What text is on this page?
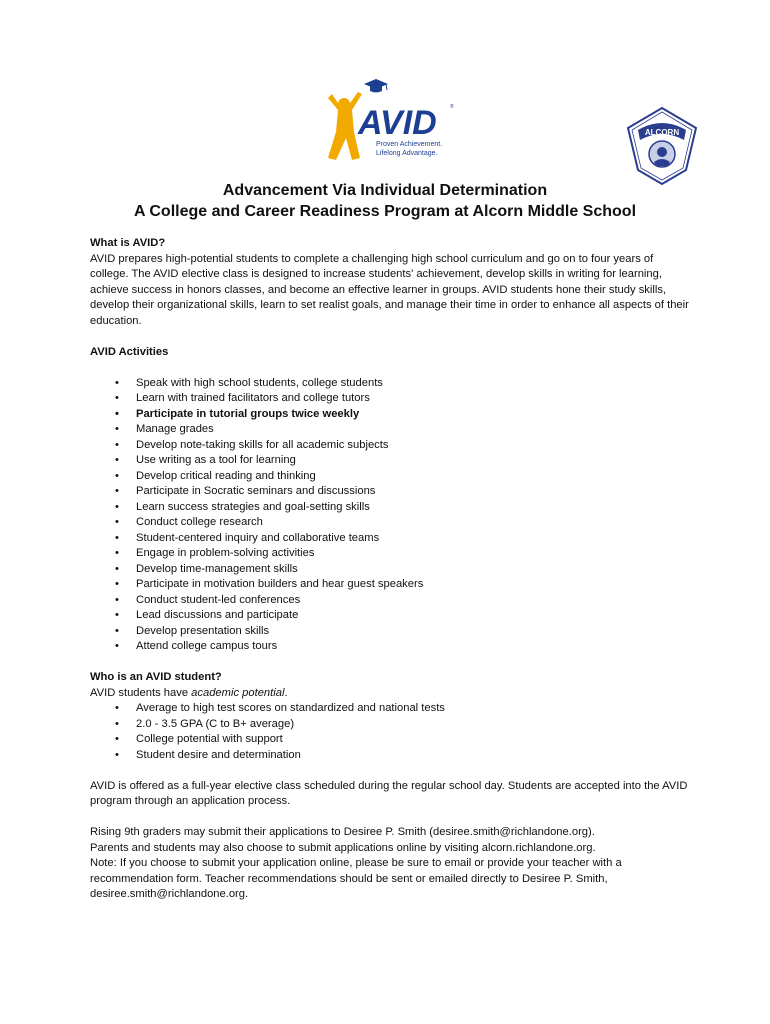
AVID	®
Proven Achievement.
Lifelong Advantage.
ALCORN
Advancement Via Individual Determination
A College and Career Readiness Program at Alcorn Middle School

What is AVID?

AVID prepares high-potential students to complete a challenging high school curriculum and go on to four years of college. The AVID elective class is designed to increase students' achievement, develop skills in writing for learning, achieve success in honors classes, and become an effective learner in groups. AVID students hone their study skills, develop their organizational skills, learn to set realist goals, and manage their time in order to enhance all aspects of their education.

AVID Activities

• Speak with high school students, college students
• Learn with trained facilitators and college tutors
• Participate in tutorial groups twice weekly
• Manage grades
• Develop note-taking skills for all academic subjects
• Use writing as a tool for learning
• Develop critical reading and thinking
• Participate in Socratic seminars and discussions
• Learn success strategies and goal-setting skills
• Conduct college research
• Student-centered inquiry and collaborative teams
• Engage in problem-solving activities
• Develop time-management skills
• Participate in motivation builders and hear guest speakers
• Conduct student-led conferences
• Lead discussions and participate
• Develop presentation skills
• Attend college campus tours

Who is an AVID student?

AVID students have academic potential.

• Average to high test scores on standardized and national tests
• 2.0 - 3.5 GPA (C to B+ average)
• College potential with support
• Student desire and determination

AVID is offered as a full-year elective class scheduled during the regular school day. Students are accepted into the AVID program through an application process.

Rising 9th graders may submit their applications to Desiree P. Smith (desiree.smith@richlandone.org).

Parents and students may also choose to submit applications online by visiting alcorn.richlandone.org.

Note: If you choose to submit your application online, please be sure to email or provide your teacher with a recommendation form. Teacher recommendations should be sent or emailed directly to Desiree P. Smith, desiree.smith@richlandone.org.
